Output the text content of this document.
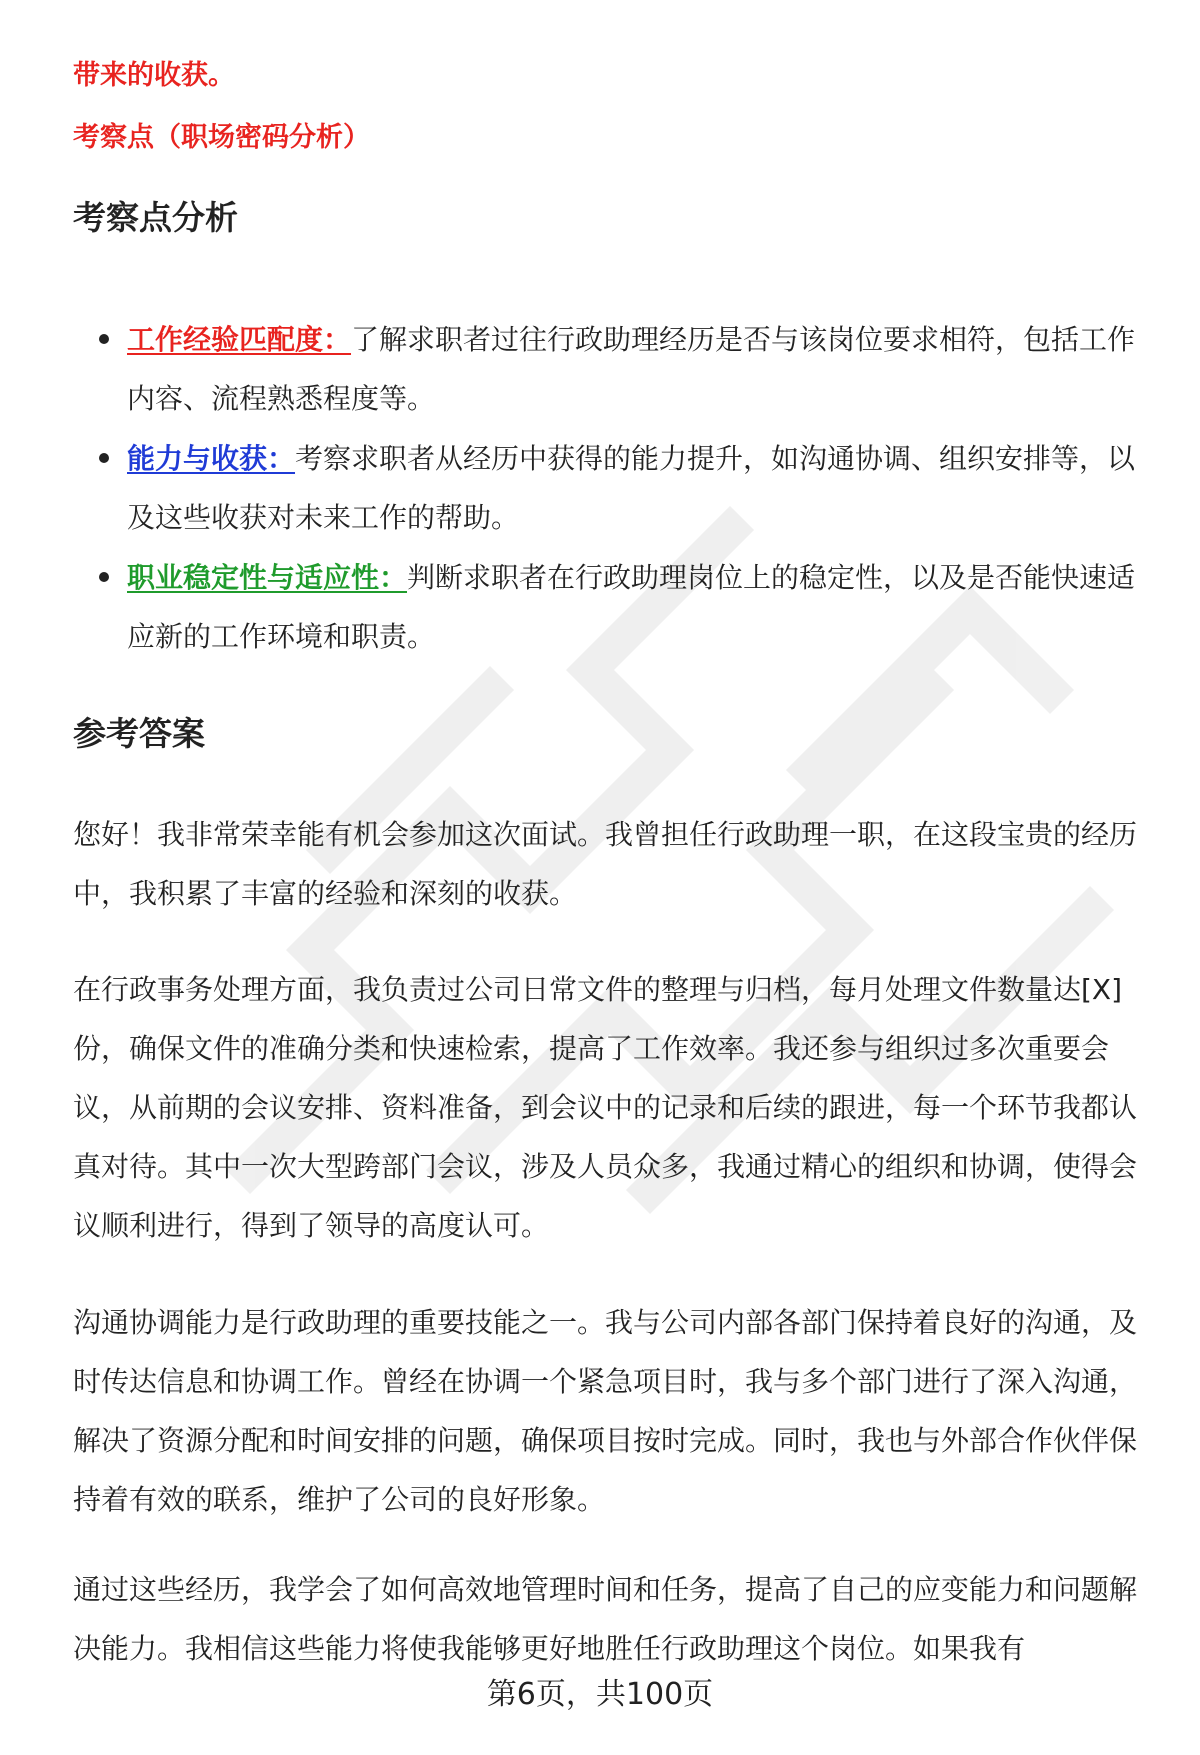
带来的收获。

考察点（职场密码分析）

考察点分析
工作经验匹配度：了解求职者过往行政助理经历是否与该岗位要求相符，包括工作内容、流程熟悉程度等。
能力与收获：考察求职者从经历中获得的能力提升，如沟通协调、组织安排等，以及这些收获对未来工作的帮助。
职业稳定性与适应性：判断求职者在行政助理岗位上的稳定性，以及是否能快速适应新的工作环境和职责。
参考答案

您好！我非常荣幸能有机会参加这次面试。我曾担任行政助理一职，在这段宝贵的经历中，我积累了丰富的经验和深刻的收获。

在行政事务处理方面，我负责过公司日常文件的整理与归档，每月处理文件数量达[X]份，确保文件的准确分类和快速检索，提高了工作效率。我还参与组织过多次重要会议，从前期的会议安排、资料准备，到会议中的记录和后续的跟进，每一个环节我都认真对待。其中一次大型跨部门会议，涉及人员众多，我通过精心的组织和协调，使得会议顺利进行，得到了领导的高度认可。

沟通协调能力是行政助理的重要技能之一。我与公司内部各部门保持着良好的沟通，及时传达信息和协调工作。曾经在协调一个紧急项目时，我与多个部门进行了深入沟通，解决了资源分配和时间安排的问题，确保项目按时完成。同时，我也与外部合作伙伴保持着有效的联系，维护了公司的良好形象。

通过这些经历，我学会了如何高效地管理时间和任务，提高了自己的应变能力和问题解决能力。我相信这些能力将使我能够更好地胜任行政助理这个岗位。如果我有

第6页，共100页
